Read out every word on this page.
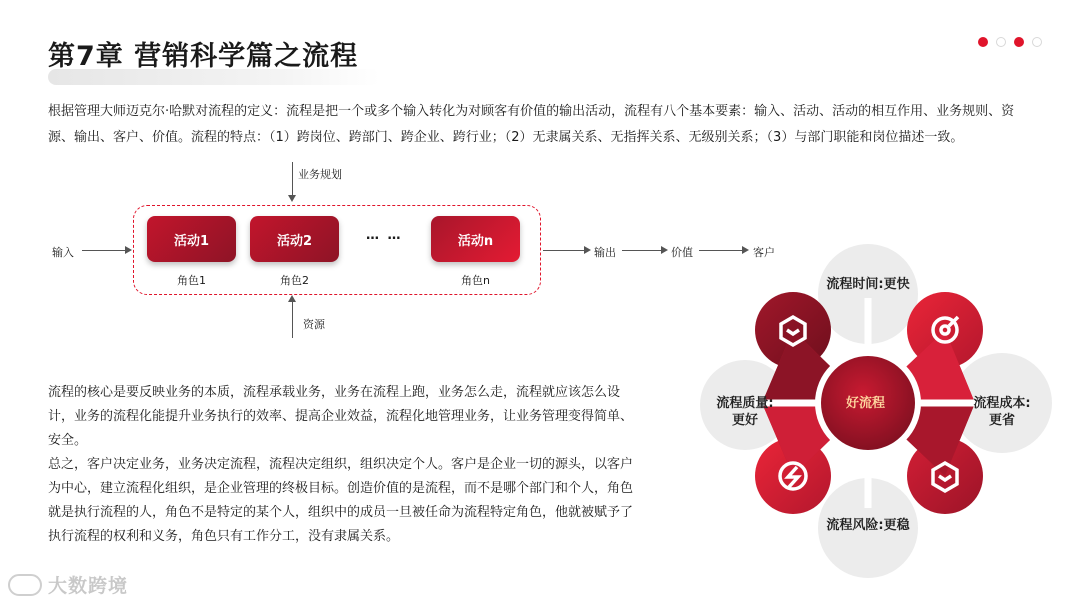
第7章 营销科学篇之流程
根据管理大师迈克尔·哈默对流程的定义：流程是把一个或多个输入转化为对顾客有价值的输出活动，流程有八个基本要素：输入、活动、活动的相互作用、业务规则、资源、输出、客户、价值。流程的特点：（1）跨岗位、跨部门、跨企业、跨行业；（2）无隶属关系、无指挥关系、无级别关系；（3）与部门职能和岗位描述一致。
业务规划
输入
活动1
角色1
活动2
角色2
… …	活动n
角色n
资源
输出	价值	客户

流程的核心是要反映业务的本质，流程承载业务，业务在流程上跑，业务怎么走，流程就应该怎么设计，业务的流程化能提升业务执行的效率、提高企业效益，流程化地管理业务，让业务管理变得简单、安全。

总之，客户决定业务，业务决定流程，流程决定组织，组织决定个人。客户是企业一切的源头，以客户为中心，建立流程化组织，是企业管理的终极目标。创造价值的是流程，而不是哪个部门和个人，角色就是执行流程的人，角色不是特定的某个人，组织中的成员一旦被任命为流程特定角色，他就被赋予了执行流程的权利和义务，角色只有工作分工，没有隶属关系。

流程时间:更快
流程成本:
更省
流程风险:更稳
流程质量:
更好
好流程
大数跨境
